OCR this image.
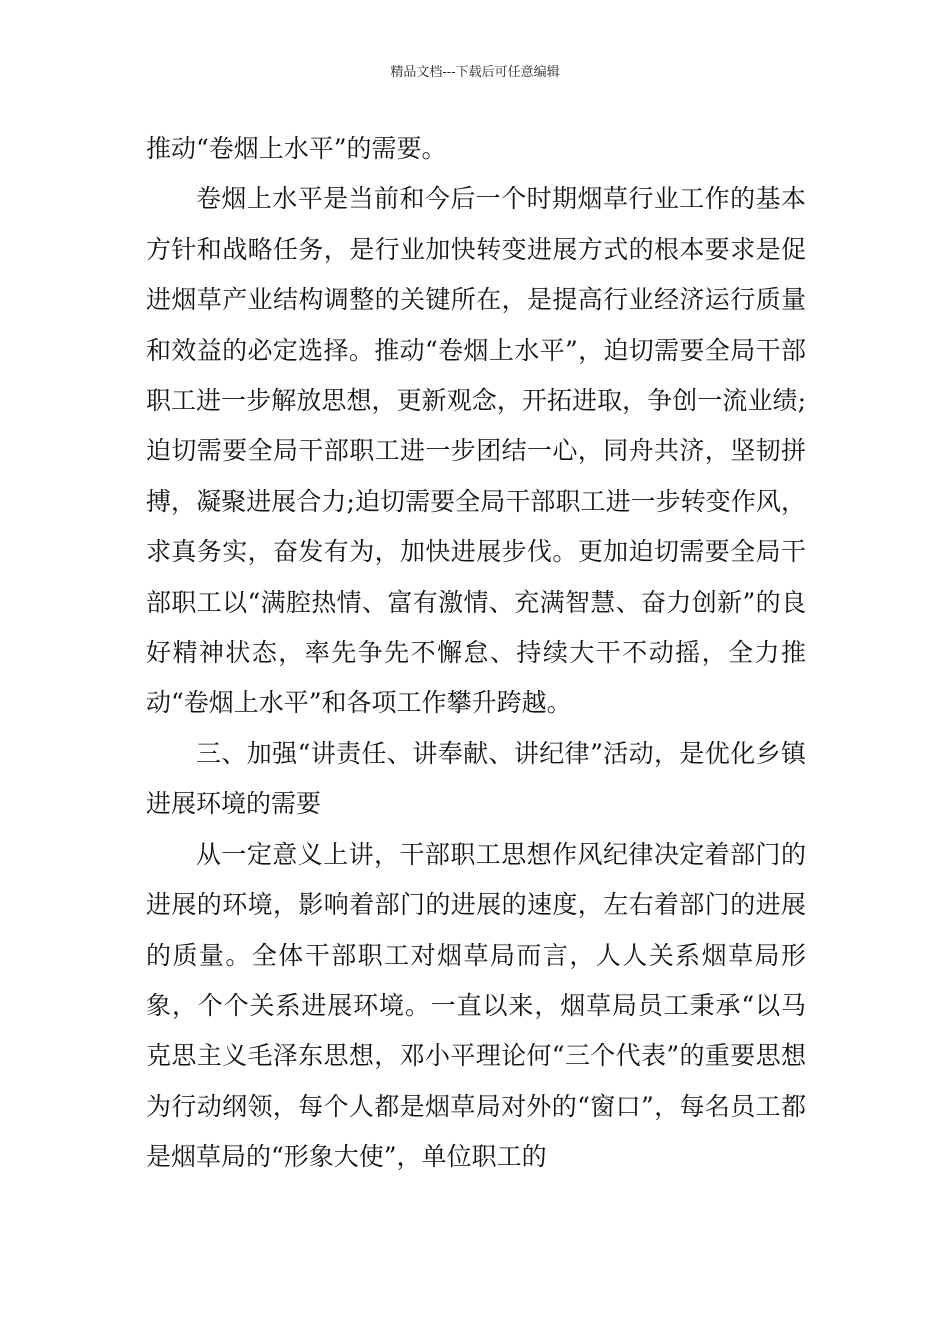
精品文档---下载后可任意编辑

推动“卷烟上水平”的需要。

卷烟上水平是当前和今后一个时期烟草行业工作的基本方针和战略任务，是行业加快转变进展方式的根本要求是促进烟草产业结构调整的关键所在，是提高行业经济运行质量和效益的必定选择。推动“卷烟上水平”，迫切需要全局干部职工进一步解放思想，更新观念，开拓进取，争创一流业绩;迫切需要全局干部职工进一步团结一心，同舟共济，坚韧拼搏，凝聚进展合力;迫切需要全局干部职工进一步转变作风，求真务实，奋发有为，加快进展步伐。更加迫切需要全局干部职工以“满腔热情、富有激情、充满智慧、奋力创新”的良好精神状态，率先争先不懈怠、持续大干不动摇，全力推动“卷烟上水平”和各项工作攀升跨越。

三、加强“讲责任、讲奉献、讲纪律”活动，是优化乡镇进展环境的需要

从一定意义上讲，干部职工思想作风纪律决定着部门的进展的环境，影响着部门的进展的速度，左右着部门的进展的质量。全体干部职工对烟草局而言，人人关系烟草局形象，个个关系进展环境。一直以来，烟草局员工秉承“以马克思主义毛泽东思想，邓小平理论何“三个代表”的重要思想为行动纲领，每个人都是烟草局对外的“窗口”，每名员工都是烟草局的“形象大使”，单位职工的
